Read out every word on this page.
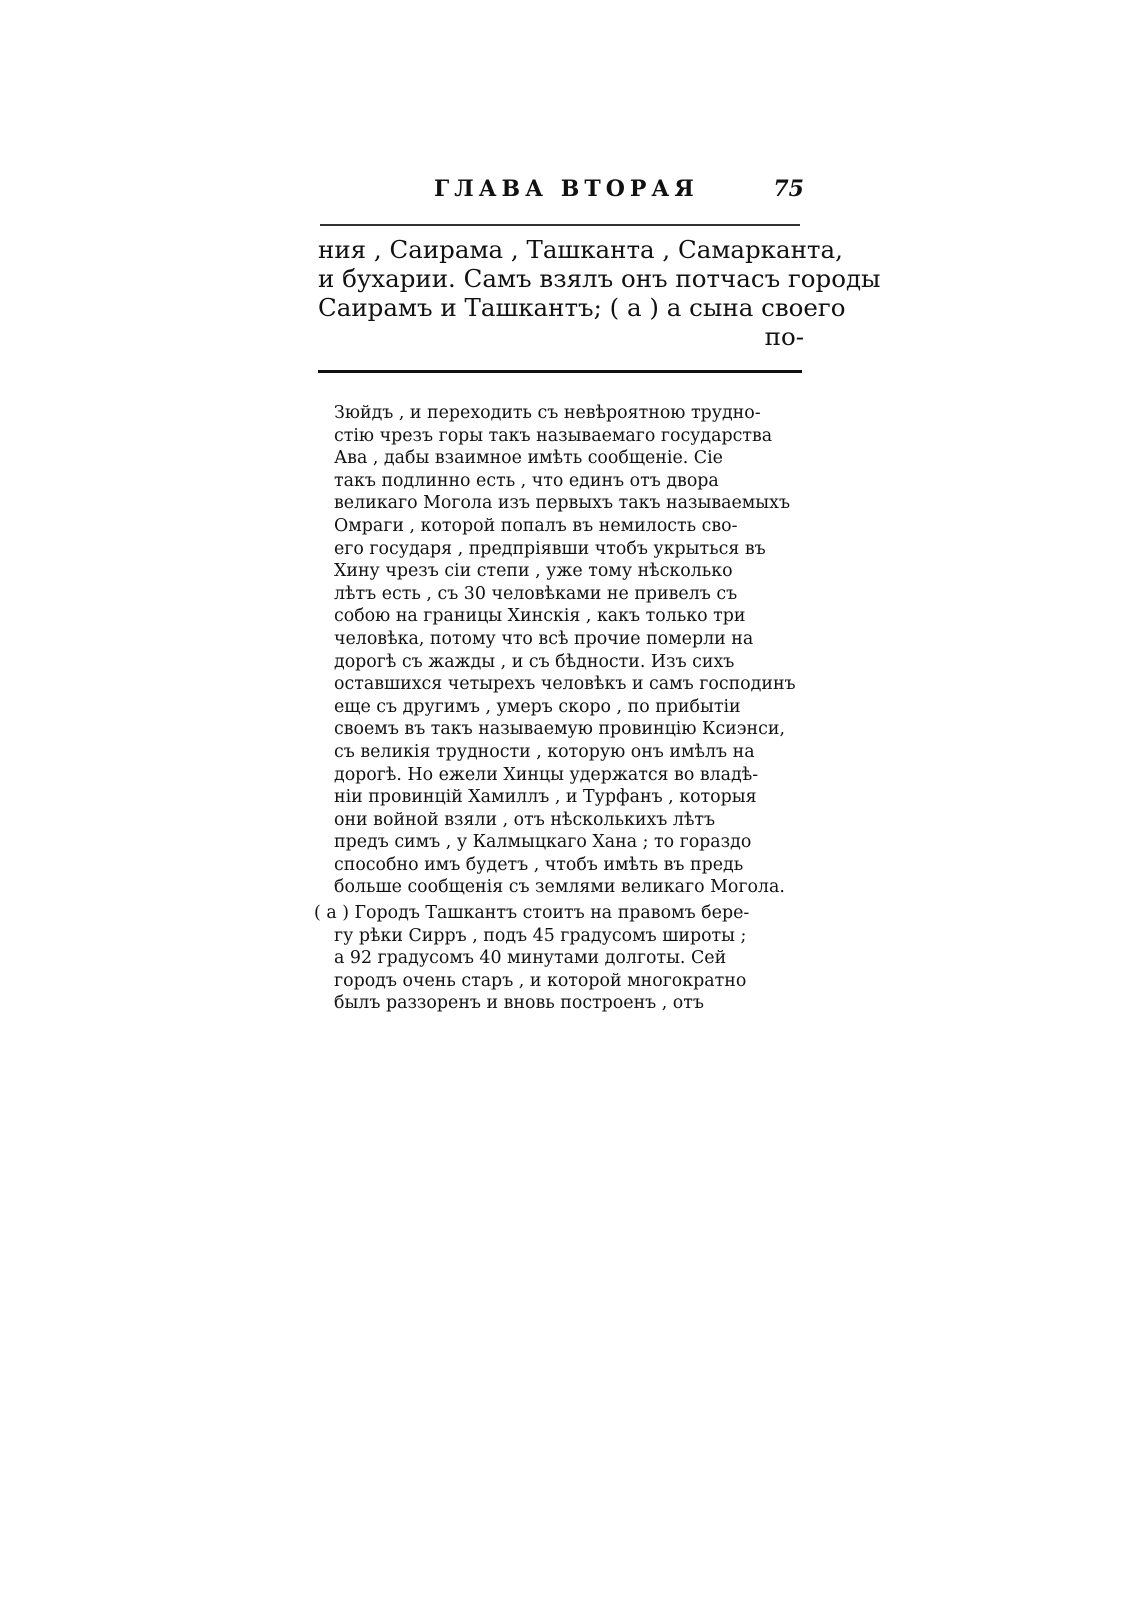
ГЛАВА ВТОРАЯ	75
ния , Саирама , Ташканта , Самарканта,
и бухарии. Самъ взялъ онъ потчасъ городы
Саирамъ и Ташкантъ; ( а ) а сына своего
по-
Зюйдъ , и переходить съ невѣроятною трудно-
стію чрезъ горы такъ называемаго государства
Ава , дабы взаимное имѣть сообщеніе. Сіе
такъ подлинно есть , что единъ отъ двора
великаго Могола изъ первыхъ такъ называемыхъ
Омраги , которой попалъ въ немилость сво-
его государя , предпріявши чтобъ укрыться въ
Хину чрезъ сіи степи , уже тому нѣсколько
лѣтъ есть , съ 30 человѣками не привелъ съ
собою на границы Хинскія , какъ только три
человѣка, потому что всѣ прочие померли на
дорогѣ съ жажды , и съ бѣдности. Изъ сихъ
оставшихся четырехъ человѣкъ и самъ господинъ
еще съ другимъ , умеръ скоро , по прибытіи
своемъ въ такъ называемую провинцію Ксиэнси,
съ великія трудности , которую онъ имѣлъ на
дорогѣ. Но ежели Хинцы удержатся во владѣ-
ніи провинцій Хамиллъ , и Турфанъ , которыя
они войной взяли , отъ нѣсколькихъ лѣтъ
предъ симъ , у Калмыцкаго Хана ; то гораздо
способно имъ будетъ , чтобъ имѣть въ предь
больше сообщенія съ землями великаго Могола.
( а ) Городъ Ташкантъ стоитъ на правомъ бере-
гу рѣки Сирръ , подъ 45 градусомъ широты ;
а 92 градусомъ 40 минутами долготы. Сей
городъ очень старъ , и которой многократно
былъ раззоренъ и вновь построенъ , отъ
